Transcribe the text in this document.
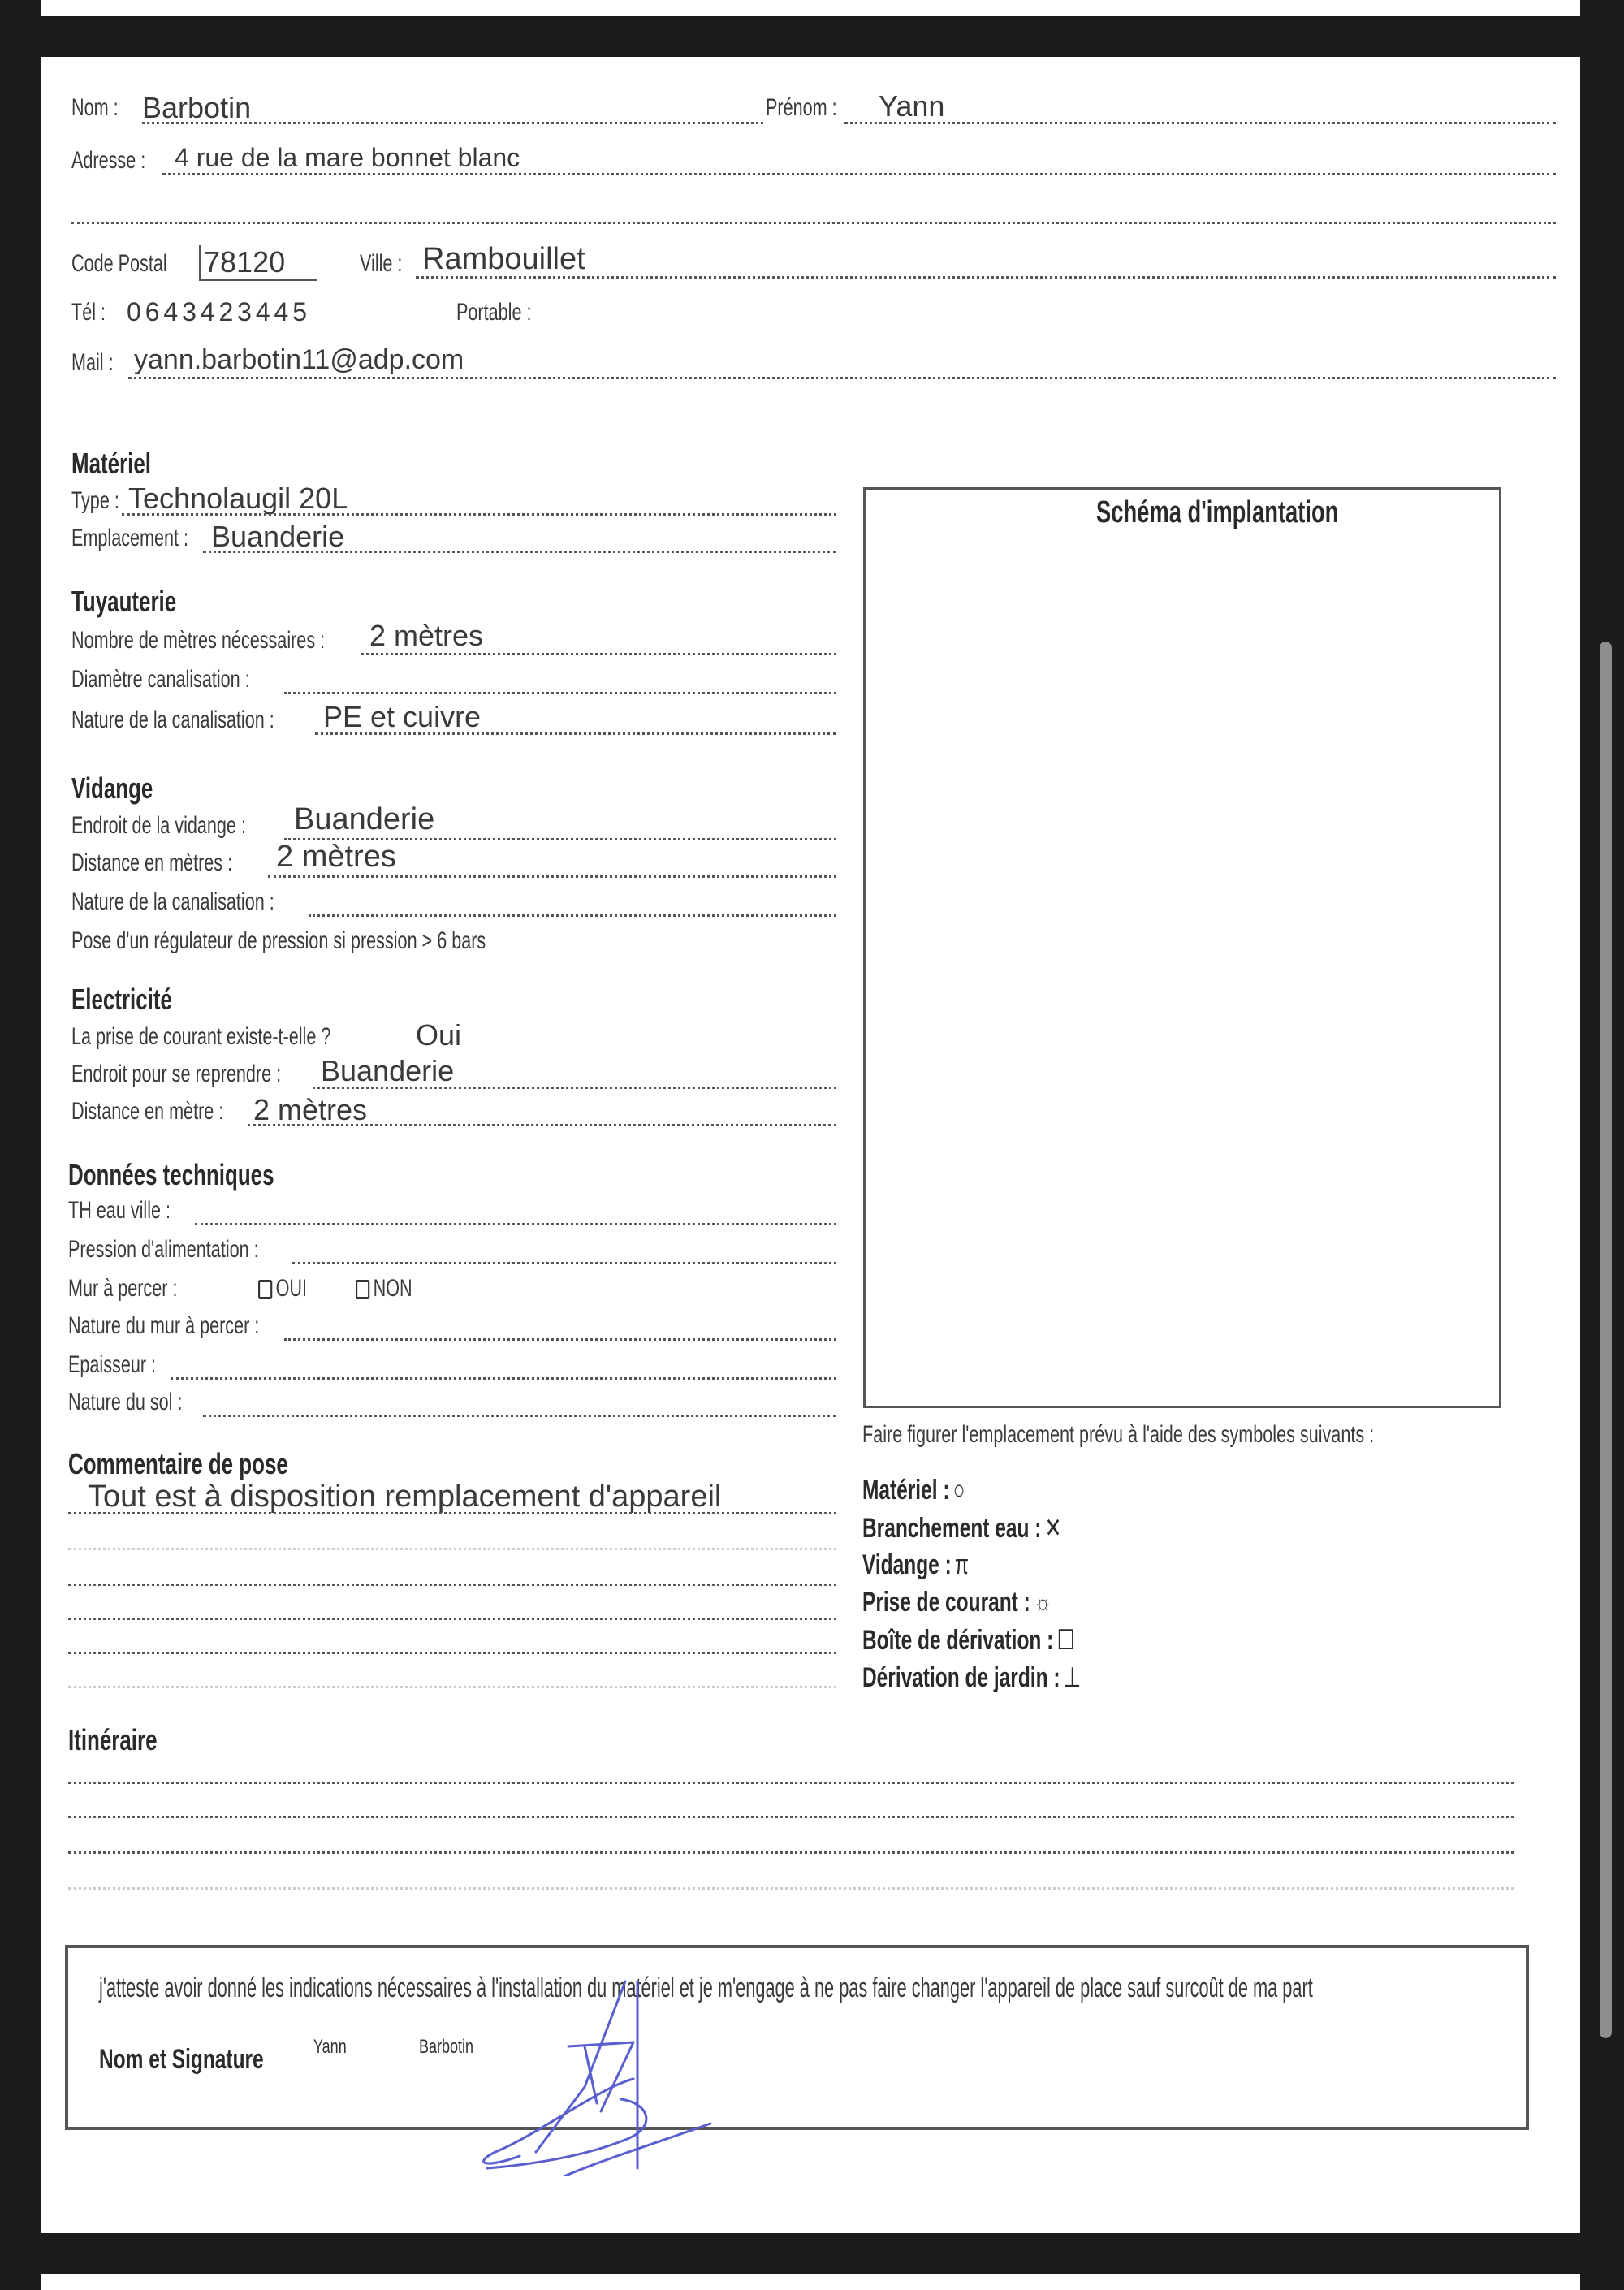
Nom : Barbotin	Prénom : Yann
Adresse : 4 rue de la mare bonnet blanc
Code Postal 78120	Ville : Rambouillet
Tél : 0 6 4 3 4 2 3 4 4 5	Portable :
Mail : yann.barbotin11@adp.com
Matériel
Type : Technolaugil 20L
Emplacement : Buanderie
Tuyauterie
Nombre de mètres nécessaires : 2 mètres
Diamètre canalisation :
Nature de la canalisation : PE et cuivre
Vidange
Endroit de la vidange : Buanderie
Distance en mètres : 2 mètres
Nature de la canalisation :
Pose d'un régulateur de pression si pression > 6 bars
Electricité
La prise de courant existe-t-elle ?	Oui
Endroit pour se reprendre : Buanderie
Distance en mètre : 2 mètres
Données techniques
TH eau ville :
Pression d'alimentation :
Mur à percer :	OUI	NON
Nature du mur à percer :
Epaisseur :
Nature du sol :
Commentaire de pose
Tout est à disposition remplacement d'appareil
Itinéraire
Schéma d'implantation
Faire figurer l'emplacement prévu à l'aide des symboles suivants :
j'atteste avoir donné les indications nécessaires à l'installation du matériel et je m'engage à ne pas faire changer l'appareil de place sauf surcoût de ma part
Nom et Signature	Yann	Barbotin
Matériel : ○
Branchement eau : ✕
Vidange : π
Prise de courant : ☼
Boîte de dérivation : ☐
Dérivation de jardin : ⊥
